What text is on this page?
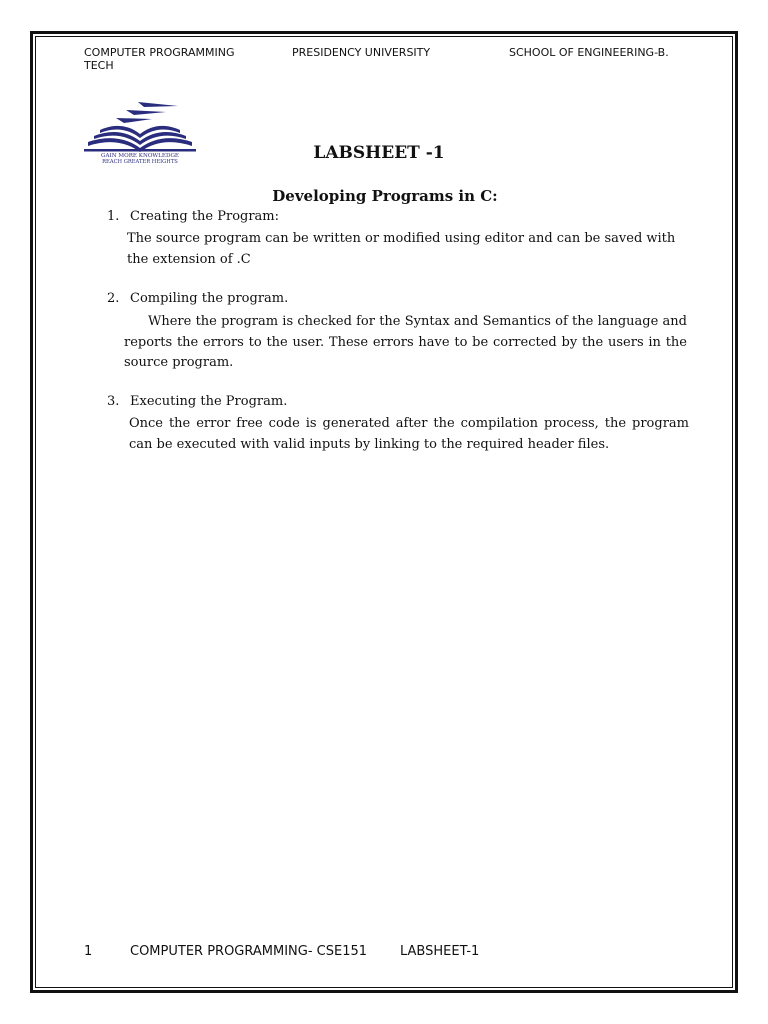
COMPUTER PROGRAMMING
TECH
PRESIDENCY UNIVERSITY	SCHOOL OF ENGINEERING-B.
GAIN MORE KNOWLEDGE
REACH GREATER HEIGHTS	LABSHEET -1
Developing Programs in C:
1. Creating the Program:
The source program can be written or modified using editor and can be saved with the extension of .C
2. Compiling the program.
Where the program is checked for the Syntax and Semantics of the language and reports the errors to the user. These errors have to be corrected by the users in the source program.
3. Executing the Program.
Once the error free code is generated after the compilation process, the program can be executed with valid inputs by linking to the required header files.
1	COMPUTER PROGRAMMING- CSE151	LABSHEET-1
